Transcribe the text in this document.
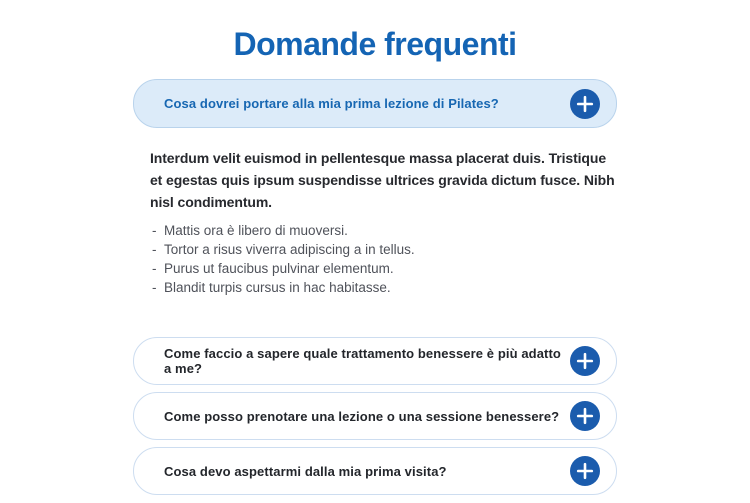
Domande frequenti
Cosa dovrei portare alla mia prima lezione di Pilates?

Interdum velit euismod in pellentesque massa placerat duis. Tristique et egestas quis ipsum suspendisse ultrices gravida dictum fusce. Nibh nisl condimentum.

- Mattis ora è libero di muoversi.
- Tortor a risus viverra adipiscing a in tellus.
- Purus ut faucibus pulvinar elementum.
- Blandit turpis cursus in hac habitasse.
Come faccio a sapere quale trattamento benessere è più adatto a me?
Come posso prenotare una lezione o una sessione benessere?
Cosa devo aspettarmi dalla mia prima visita?
